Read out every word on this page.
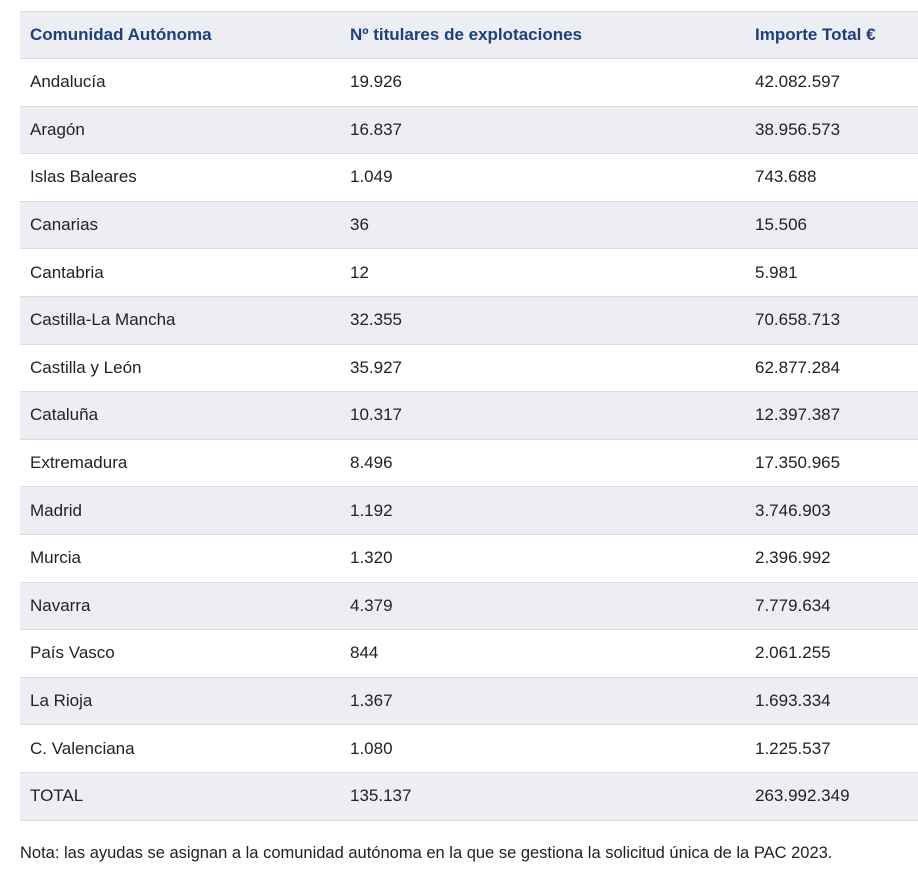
Comunidad Autónoma	Nº titulares de explotaciones	Importe Total €
Andalucía	19.926	42.082.597
Aragón	16.837	38.956.573
Islas Baleares	1.049	743.688
Canarias	36	15.506
Cantabria	12	5.981
Castilla-La Mancha	32.355	70.658.713
Castilla y León	35.927	62.877.284
Cataluña	10.317	12.397.387
Extremadura	8.496	17.350.965
Madrid	1.192	3.746.903
Murcia	1.320	2.396.992
Navarra	4.379	7.779.634
País Vasco	844	2.061.255
La Rioja	1.367	1.693.334
C. Valenciana	1.080	1.225.537
TOTAL	135.137	263.992.349
Nota: las ayudas se asignan a la comunidad autónoma en la que se gestiona la solicitud única de la PAC 2023.
